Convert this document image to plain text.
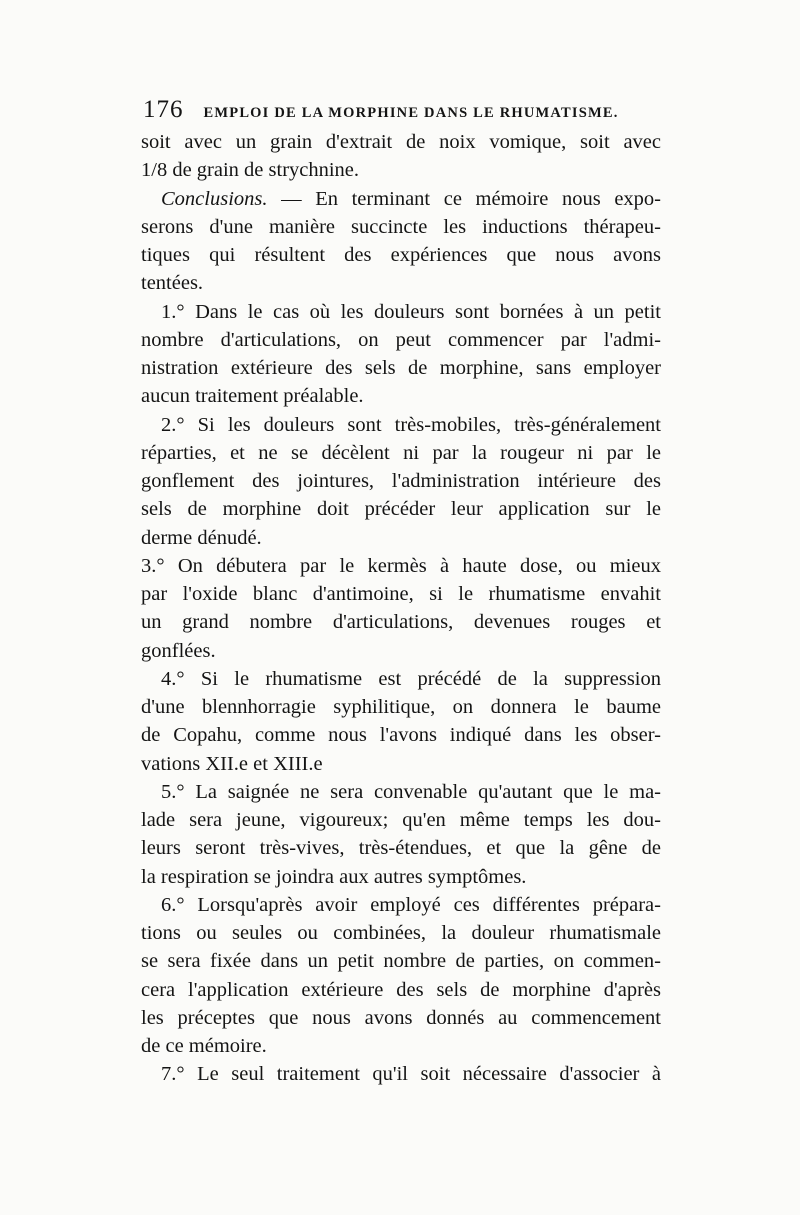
176 EMPLOI DE LA MORPHINE DANS LE RHUMATISME.

soit avec un grain d'extrait de noix vomique, soit avec
1/8 de grain de strychnine.

Conclusions. — En terminant ce mémoire nous expo-
serons d'une manière succincte les inductions thérapeu-
tiques qui résultent des expériences que nous avons
tentées.

1.° Dans le cas où les douleurs sont bornées à un petit
nombre d'articulations, on peut commencer par l'admi-
nistration extérieure des sels de morphine, sans employer
aucun traitement préalable.

2.° Si les douleurs sont très-mobiles, très-généralement
réparties, et ne se décèlent ni par la rougeur ni par le
gonflement des jointures, l'administration intérieure des
sels de morphine doit précéder leur application sur le
derme dénudé.

3.° On débutera par le kermès à haute dose, ou mieux
par l'oxide blanc d'antimoine, si le rhumatisme envahit
un grand nombre d'articulations, devenues rouges et
gonflées.

4.° Si le rhumatisme est précédé de la suppression
d'une blennhorragie syphilitique, on donnera le baume
de Copahu, comme nous l'avons indiqué dans les obser-
vations XII.e et XIII.e

5.° La saignée ne sera convenable qu'autant que le ma-
lade sera jeune, vigoureux; qu'en même temps les dou-
leurs seront très-vives, très-étendues, et que la gêne de
la respiration se joindra aux autres symptômes.

6.° Lorsqu'après avoir employé ces différentes prépara-
tions ou seules ou combinées, la douleur rhumatismale
se sera fixée dans un petit nombre de parties, on commen-
cera l'application extérieure des sels de morphine d'après
les préceptes que nous avons donnés au commencement
de ce mémoire.

7.° Le seul traitement qu'il soit nécessaire d'associer à
